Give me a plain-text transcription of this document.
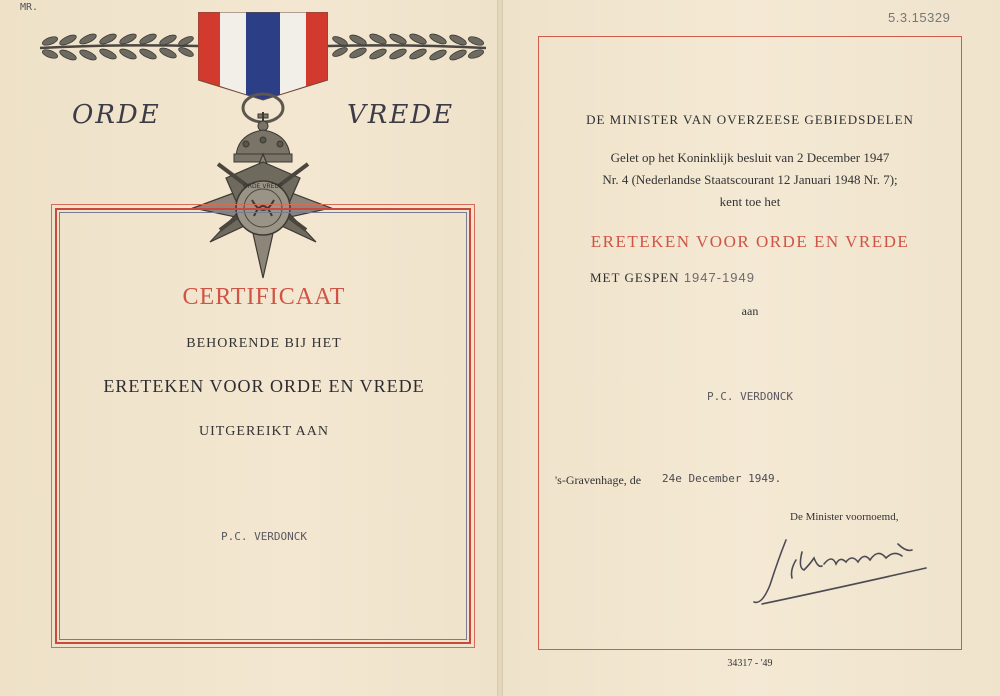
MR.
5.3.15329
ORDE VREDE
ORDE	VREDE
CERTIFICAAT
BEHORENDE BIJ HET
ERETEKEN VOOR ORDE EN VREDE
UITGEREIKT AAN
P.C. VERDONCK
DE MINISTER VAN OVERZEESE GEBIEDSDELEN
Gelet op het Koninklijk besluit van 2 December 1947
Nr. 4 (Nederlandse Staatscourant 12 Januari 1948 Nr. 7);
kent toe het
ERETEKEN VOOR ORDE EN VREDE
MET GESPEN 1947-1949
aan
P.C. VERDONCK
's-Gravenhage, de 24e December 1949.
De Minister voornoemd,
34317 - '49
